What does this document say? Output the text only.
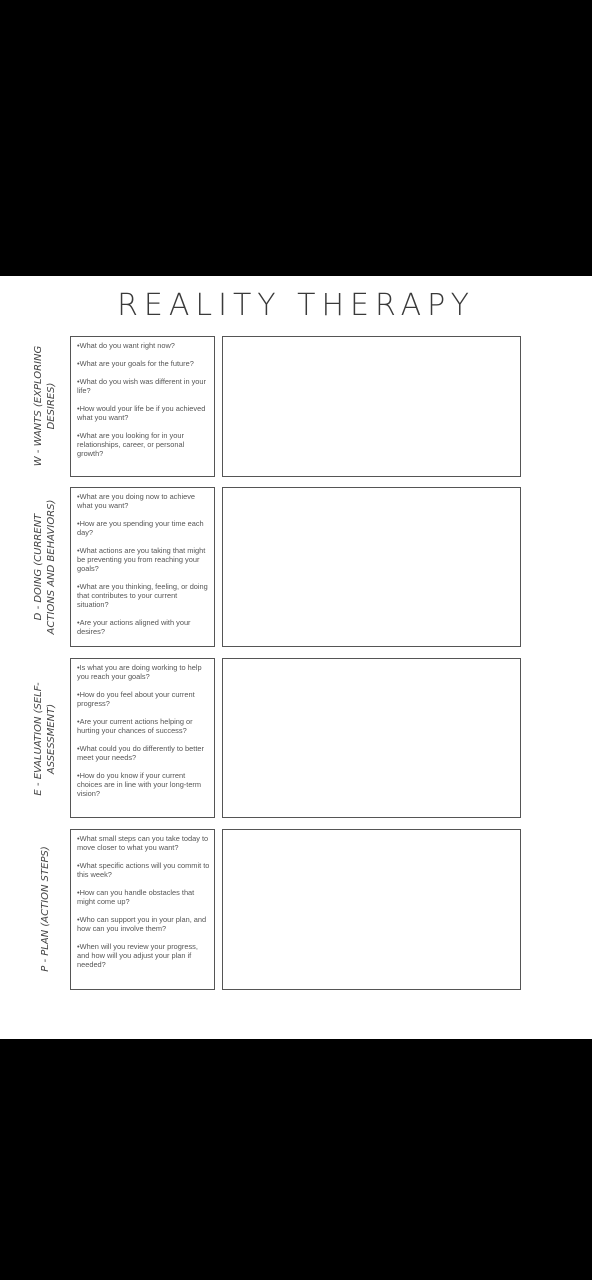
REALITY THERAPY
W - WANTS (EXPLORING DESIRES)
• What do you want right now?
• What are your goals for the future?
• What do you wish was different in your life?
• How would your life be if you achieved what you want?
• What are you looking for in your relationships, career, or personal growth?
D - DOING (CURRENT ACTIONS AND BEHAVIORS)
• What are you doing now to achieve what you want?
• How are you spending your time each day?
• What actions are you taking that might be preventing you from reaching your goals?
• What are you thinking, feeling, or doing that contributes to your current situation?
• Are your actions aligned with your desires?
E - EVALUATION (SELF-ASSESSMENT)
• Is what you are doing working to help you reach your goals?
• How do you feel about your current progress?
• Are your current actions helping or hurting your chances of success?
• What could you do differently to better meet your needs?
• How do you know if your current choices are in line with your long-term vision?
P - PLAN (ACTION STEPS)
• What small steps can you take today to move closer to what you want?
• What specific actions will you commit to this week?
• How can you handle obstacles that might come up?
• Who can support you in your plan, and how can you involve them?
• When will you review your progress, and how will you adjust your plan if needed?
